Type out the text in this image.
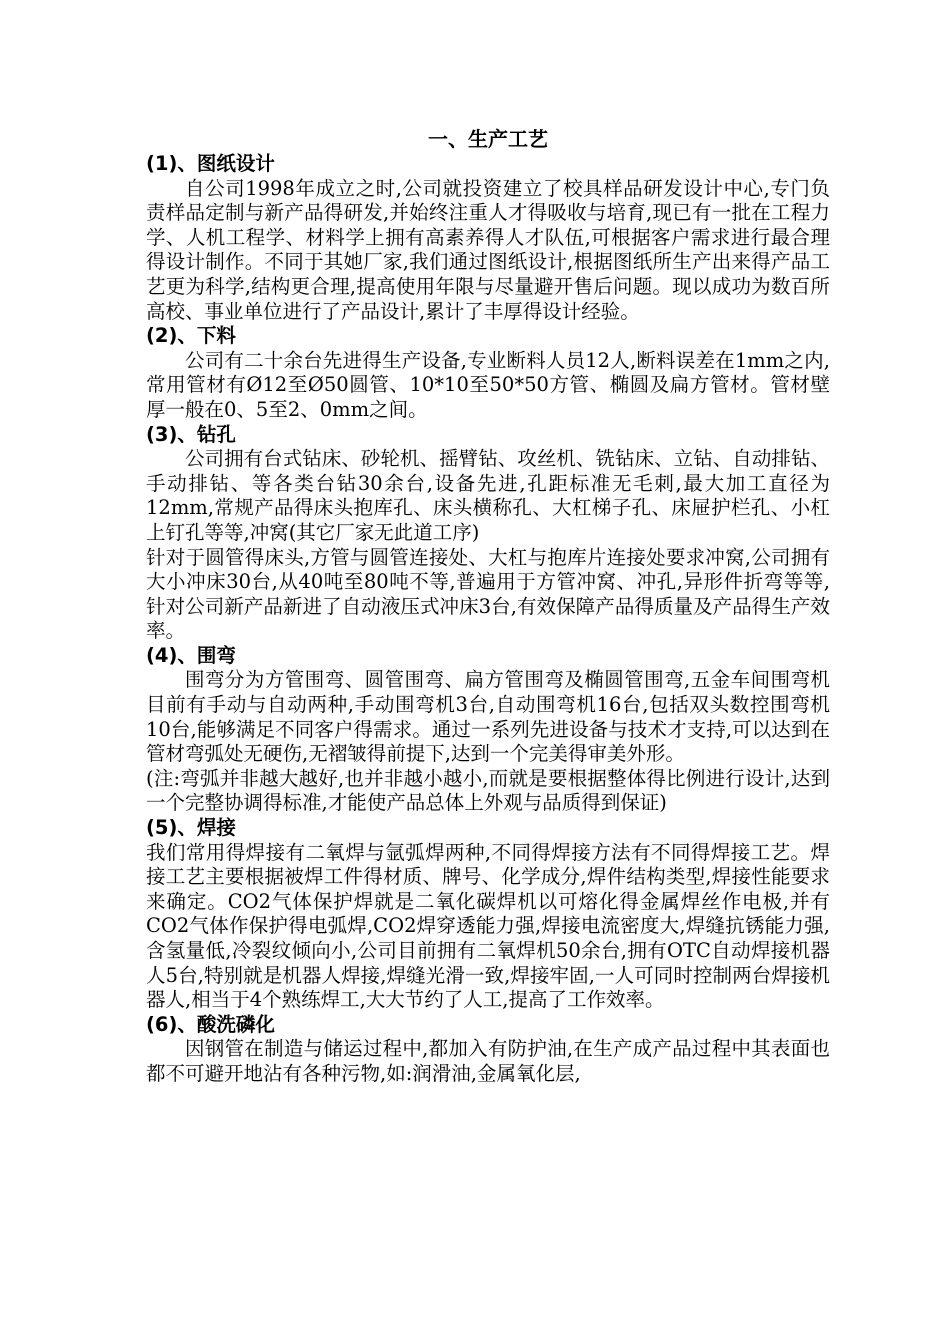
一、生产工艺
(1)、图纸设计

自公司1998年成立之时,公司就投资建立了校具样品研发设计中心,专门负责样品定制与新产品得研发,并始终注重人才得吸收与培育,现已有一批在工程力学、人机工程学、材料学上拥有高素养得人才队伍,可根据客户需求进行最合理得设计制作。不同于其她厂家,我们通过图纸设计,根据图纸所生产出来得产品工艺更为科学,结构更合理,提高使用年限与尽量避开售后问题。现以成功为数百所高校、事业单位进行了产品设计,累计了丰厚得设计经验。

(2)、下料

公司有二十余台先进得生产设备,专业断料人员12人,断料误差在1mm之内,常用管材有Ø12至Ø50圆管、10*10至50*50方管、椭圆及扁方管材。管材壁厚一般在0、5至2、0mm之间。

(3)、钻孔

公司拥有台式钻床、砂轮机、摇臂钻、攻丝机、铣钻床、立钻、自动排钻、手动排钻、等各类台钻30余台,设备先进,孔距标准无毛刺,最大加工直径为12mm,常规产品得床头抱库孔、床头横称孔、大杠梯子孔、床屉护栏孔、小杠上钉孔等等,冲窝(其它厂家无此道工序)

针对于圆管得床头,方管与圆管连接处、大杠与抱库片连接处要求冲窝,公司拥有大小冲床30台,从40吨至80吨不等,普遍用于方管冲窝、冲孔,异形件折弯等等,针对公司新产品新进了自动液压式冲床3台,有效保障产品得质量及产品得生产效率。

(4)、围弯

围弯分为方管围弯、圆管围弯、扁方管围弯及椭圆管围弯,五金车间围弯机目前有手动与自动两种,手动围弯机3台,自动围弯机16台,包括双头数控围弯机10台,能够满足不同客户得需求。通过一系列先进设备与技术才支持,可以达到在管材弯弧处无硬伤,无褶皱得前提下,达到一个完美得审美外形。

(注:弯弧并非越大越好,也并非越小越小,而就是要根据整体得比例进行设计,达到一个完整协调得标准,才能使产品总体上外观与品质得到保证)

(5)、焊接

我们常用得焊接有二氧焊与氩弧焊两种,不同得焊接方法有不同得焊接工艺。焊接工艺主要根据被焊工件得材质、牌号、化学成分,焊件结构类型,焊接性能要求来确定。CO2气体保护焊就是二氧化碳焊机以可熔化得金属焊丝作电极,并有CO2气体作保护得电弧焊,CO2焊穿透能力强,焊接电流密度大,焊缝抗锈能力强,含氢量低,冷裂纹倾向小,公司目前拥有二氧焊机50余台,拥有OTC自动焊接机器人5台,特别就是机器人焊接,焊缝光滑一致,焊接牢固,一人可同时控制两台焊接机器人,相当于4个熟练焊工,大大节约了人工,提高了工作效率。

(6)、酸洗磷化

因钢管在制造与储运过程中,都加入有防护油,在生产成产品过程中其表面也都不可避开地沾有各种污物,如:润滑油,金属氧化层,
